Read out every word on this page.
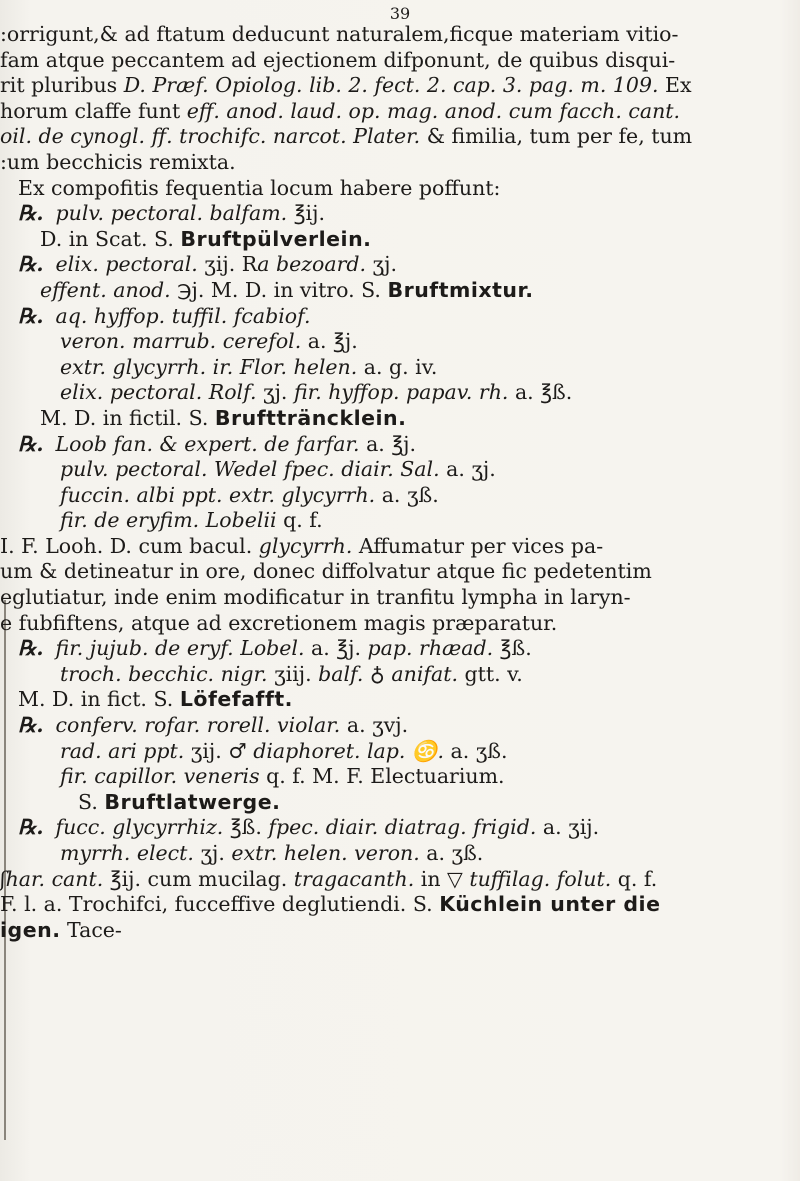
39
:orrigunt,& ad ftatum deducunt naturalem,ficque materiam vitio-
fam atque peccantem ad ejectionem difponunt, de quibus disqui-
rit pluribus D. Præf. Opiolog. lib. 2. fect. 2. cap. 3. pag. m. 109. Ex
horum claffe funt eff. anod. laud. op. mag. anod. cum facch. cant.
oil. de cynogl. ff. trochifc. narcot. Plater. & fimilia, tum per fe, tum
:um becchicis remixta.
Ex compofitis fequentia locum habere poffunt:
℞. pulv. pectoral. balfam. ℥ij.
D. in Scat. S. Bruftpülverlein.
℞. elix. pectoral. ʒij. Ra bezoard. ʒj.
effent. anod. ℈j. M. D. in vitro. S. Bruftmixtur.
℞. aq. hyffop. tuffil. fcabiof.
veron. marrub. cerefol. a. ℥j.
extr. glycyrrh. ir. Flor. helen. a. g. iv.
elix. pectoral. Rolf. ʒj. fir. hyffop. papav. rh. a. ℥ß.
M. D. in fictil. S. Bruftträncklein.
℞. Loob fan. & expert. de farfar. a. ℥j.
pulv. pectoral. Wedel fpec. diair. Sal. a. ʒj.
fuccin. albi ppt. extr. glycyrrh. a. ʒß.
fir. de eryfim. Lobelii q. f.
I. F. Looh. D. cum bacul. glycyrrh. Affumatur per vices pa-
um & detineatur in ore, donec diffolvatur atque fic pedetentim
eglutiatur, inde enim modificatur in tranfitu lympha in laryn-
e fubfiftens, atque ad excretionem magis præparatur.
℞. fir. jujub. de eryf. Lobel. a. ℥j. pap. rhæad. ℥ß.
troch. becchic. nigr. ʒiij. balf. ♁ anifat. gtt. v.
M. D. in fict. S. Löfefafft.
℞. conferv. rofar. rorell. violar. a. ʒvj.
rad. ari ppt. ʒij. ♂ diaphoret. lap. ♋. a. ʒß.
fir. capillor. veneris q. f. M. F. Electuarium.
S. Bruftlatwerge.
℞. fucc. glycyrrhiz. ℥ß. fpec. diair. diatrag. frigid. a. ʒij.
myrrh. elect. ʒj. extr. helen. veron. a. ʒß.
ʃhar. cant. ℥ij. cum mucilag. tragacanth. in ▽ tuffilag. folut. q. f.
F. l. a. Trochifci, fucceffive deglutiendi. S. Küchlein unter die
igen. Tace-
